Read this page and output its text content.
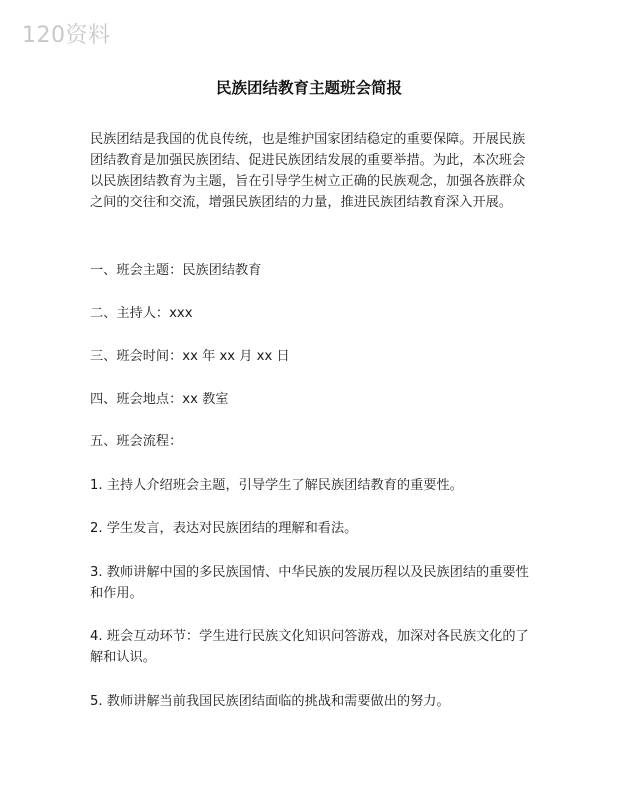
120资料
民族团结教育主题班会简报

民族团结是我国的优良传统，也是维护国家团结稳定的重要保障。开展民族团结教育是加强民族团结、促进民族团结发展的重要举措。为此，本次班会以民族团结教育为主题，旨在引导学生树立正确的民族观念，加强各族群众之间的交往和交流，增强民族团结的力量，推进民族团结教育深入开展。

一、班会主题：民族团结教育

二、主持人：xxx

三、班会时间：xx 年 xx 月 xx 日

四、班会地点：xx 教室

五、班会流程：

1. 主持人介绍班会主题，引导学生了解民族团结教育的重要性。

2. 学生发言，表达对民族团结的理解和看法。

3. 教师讲解中国的多民族国情、中华民族的发展历程以及民族团结的重要性和作用。

4. 班会互动环节：学生进行民族文化知识问答游戏，加深对各民族文化的了解和认识。

5. 教师讲解当前我国民族团结面临的挑战和需要做出的努力。
